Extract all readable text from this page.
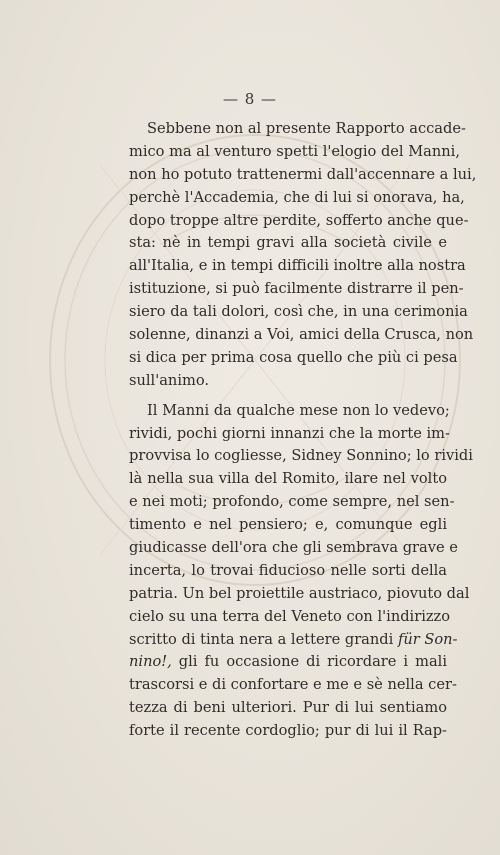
— 8 —
Sebbene non al presente Rapporto accade-
mico ma al venturo spetti l'elogio del Manni,
non ho potuto trattenermi dall'accennare a lui,
perchè l'Accademia, che di lui si onorava, ha,
dopo troppe altre perdite, sofferto anche que-
sta: nè in tempi gravi alla società civile e
all'Italia, e in tempi difficili inoltre alla nostra
istituzione, si può facilmente distrarre il pen-
siero da tali dolori, così che, in una cerimonia
solenne, dinanzi a Voi, amici della Crusca, non
si dica per prima cosa quello che più ci pesa
sull'animo.
Il Manni da qualche mese non lo vedevo;
rividi, pochi giorni innanzi che la morte im-
provvisa lo cogliesse, Sidney Sonnino; lo rividi
là nella sua villa del Romito, ilare nel volto
e nei moti; profondo, come sempre, nel sen-
timento e nel pensiero; e, comunque egli
giudicasse dell'ora che gli sembrava grave e
incerta, lo trovai fiducioso nelle sorti della
patria. Un bel proiettile austriaco, piovuto dal
cielo su una terra del Veneto con l'indirizzo
scritto di tinta nera a lettere grandi für Son-
nino!, gli fu occasione di ricordare i mali
trascorsi e di confortare e me e sè nella cer-
tezza di beni ulteriori. Pur di lui sentiamo
forte il recente cordoglio; pur di lui il Rap-
